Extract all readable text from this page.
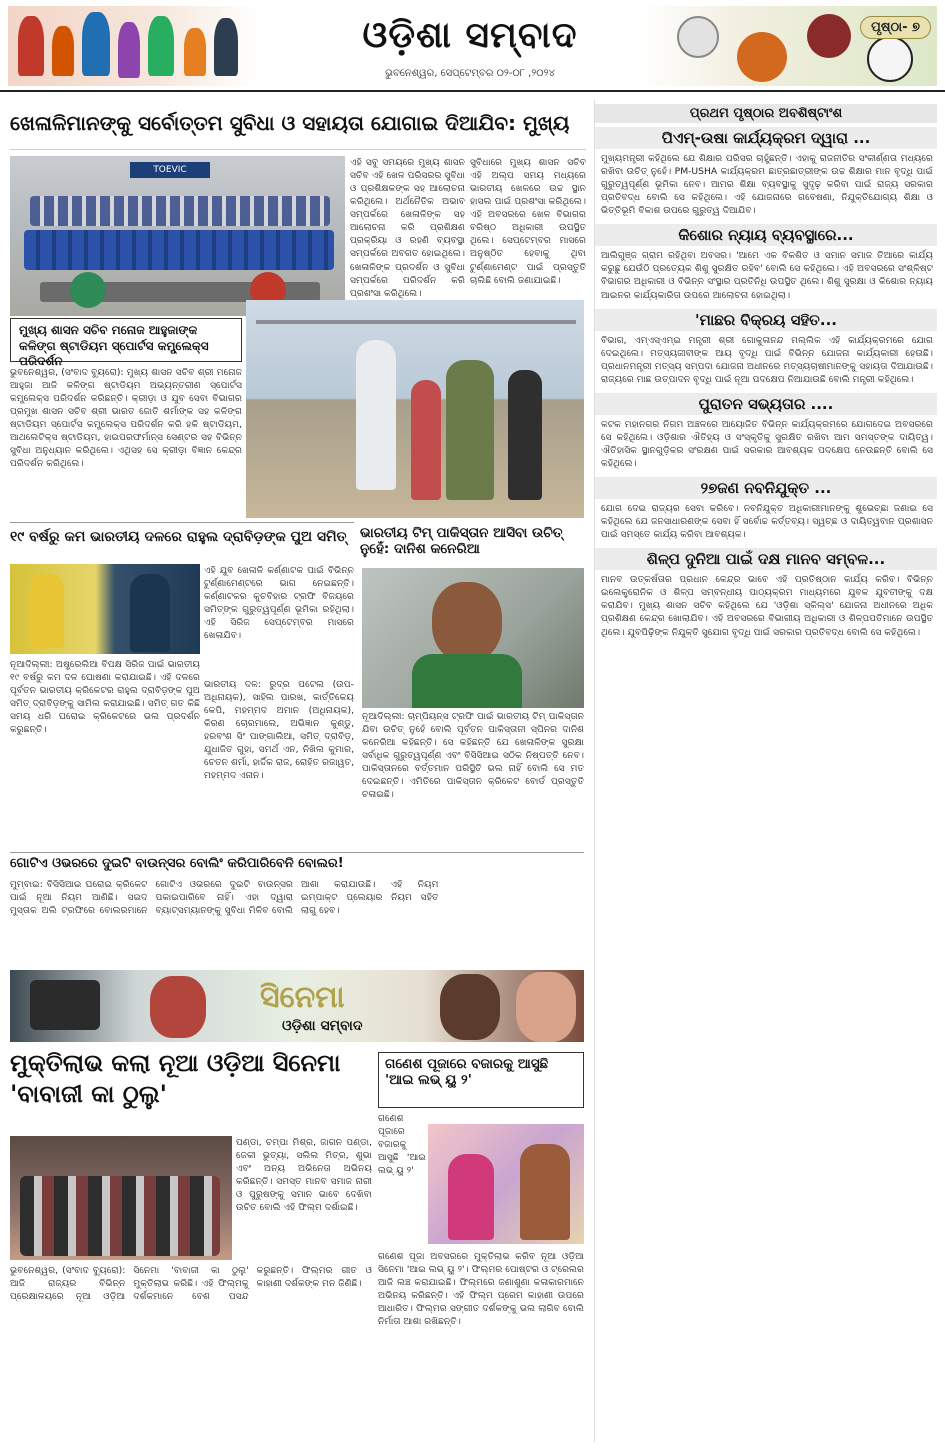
ଓଡ଼ିଶା ସମ୍ବାଦ
ଭୁବନେଶ୍ୱର, ସେପ୍ଟେମ୍ବର ୦୨-୦୮ ,୨୦୨୪
ପୃଷ୍ଠା- ୭
ଖେଳାଳିମାନଙ୍କୁ ସର୍ବୋତ୍ତମ ସୁବିଧା ଓ ସହାୟତା ଯୋଗାଇ ଦିଆଯିବ: ମୁଖ୍ୟ
TOEVIC
ଏହି ସବୁ ସମୟରେ ମୁଖ୍ୟ ଶାସନ ସଚିବ ଏହି ଖେଳ ପରିସରର ସୁବିଧା ଓ ପ୍ରଶିକ୍ଷକଙ୍କ ସହ ଆଲୋଚନା କରିଥିଲେ। ଅର୍ଥନୈତିକ ଅଭାବ ସମ୍ପର୍କରେ ଖେଳାଳିଙ୍କ ସହ ଆଲୋଚନା କରି ପ୍ରଶିକ୍ଷଣ ପ୍ରକ୍ରିୟା ଓ ରହଣି ବ୍ୟବସ୍ଥା ସମ୍ପର୍କରେ ଅବଗତ ହୋଇଥିଲେ। ଖେଳାଳିଙ୍କ ପ୍ରଦର୍ଶନ ଓ ସୁବିଧା ସମ୍ପର୍କରେ ପରିଦର୍ଶନ କରି ପ୍ରଶଂସା କରିଥିଲେ।
ସୁବିଧାରେ ମୁଖ୍ୟ ଶାସନ ସଚିବ ଏହି ଅଲ୍ପ ସମୟ ମଧ୍ୟରେ ଭାରତୀୟ ଖେଳରେ ଉଚ୍ଚ ସ୍ଥାନ ହାସଲ ପାଇଁ ପ୍ରଶଂସା କରିଥିଲେ। ଏହି ଅବସରରେ ଖେଳ ବିଭାଗର ବରିଷ୍ଠ ଅଧିକାରୀ ଉପସ୍ଥିତ ଥିଲେ। ସେପ୍ଟେମ୍ବର ମାସରେ ଅନୁଷ୍ଠିତ ହେବାକୁ ଥିବା ଟୁର୍ଣ୍ଣାମେଣ୍ଟ ପାଇଁ ପ୍ରସ୍ତୁତି ଚାଲିଛି ବୋଲି ଜଣାଯାଇଛି।
ମୁଖ୍ୟ ଶାସନ ସଚିବ ମନୋଜ ଆହୁଜାଙ୍କ କଳିଙ୍ଗ ଷ୍ଟାଡିୟମ ସ୍ପୋର୍ଟସ କମ୍ପ୍ଲେକ୍ସ ପରିଦର୍ଶନ
ଭୁବନେଶ୍ୱର, (ସଂବାଦ ବ୍ୟୁରୋ): ମୁଖ୍ୟ ଶାସନ ସଚିବ ଶ୍ରୀ ମନୋଜ ଆହୁଜା ଆଜି କଳିଙ୍ଗ ଷ୍ଟାଡିୟମ ଅଭ୍ୟନ୍ତରୀଣ ସ୍ପୋର୍ଟସ କମ୍ପ୍ଲେକ୍ସ ପରିଦର୍ଶନ କରିଛନ୍ତି। କ୍ରୀଡ଼ା ଓ ଯୁବ ସେବା ବିଭାଗର ପ୍ରମୁଖ ଶାସନ ସଚିବ ଶ୍ରୀ ଭାରତ ଜୋତି ଶର୍ମାଙ୍କ ସହ କଳିଙ୍ଗ ଷ୍ଟାଡିୟମ ସ୍ପୋର୍ଟସ କମ୍ପ୍ଲେକ୍ସ ପରିଦର୍ଶନ କରି ହକି ଷ୍ଟାଡିୟମ, ଆଥଲେଟିକ୍ସ ଷ୍ଟାଡିୟମ, ହାଇପରଫର୍ମାନ୍ସ ସେଣ୍ଟର ସହ ବିଭିନ୍ନ ସୁବିଧା ଅନୁଧ୍ୟାନ କରିଥିଲେ। ଏଥିସହ ସେ କ୍ରୀଡ଼ା ବିଜ୍ଞାନ କେନ୍ଦ୍ର ପରିଦର୍ଶନ କରିଥିଲେ।
୧୯ ବର୍ଷରୁ କମ ଭାରତୀୟ ଦଳରେ ରାହୁଲ ଦ୍ରାବିଡ଼ଙ୍କ ପୁଅ ସମିତ୍
ଏହି ଯୁବ ଖେଳାଳି କର୍ଣ୍ଣାଟକ ପାଇଁ ବିଭିନ୍ନ ଟୁର୍ଣ୍ଣାମେଣ୍ଟରେ ଭାଗ ନେଇଛନ୍ତି। କର୍ଣ୍ଣାଟକର କୁଚବିହାର ଟ୍ରଫି ବିଜୟରେ ସମିତ୍‌ଙ୍କ ଗୁରୁତ୍ୱପୂର୍ଣ୍ଣ ଭୂମିକା ରହିଥିଲା। ଏହି ସିରିଜ ସେପ୍ଟେମ୍ବର ମାସରେ ଖେଳାଯିବ।
ନୂଆଦିଲ୍ଲୀ: ଅଷ୍ଟ୍ରେଲିଆ ବିପକ୍ଷ ସିରିଜ ପାଇଁ ଭାରତୀୟ ୧୯ ବର୍ଷରୁ କମ ଦଳ ଘୋଷଣା କରାଯାଇଛି। ଏହି ଦଳରେ ପୂର୍ବତନ ଭାରତୀୟ କ୍ରିକେଟର ରାହୁଲ ଦ୍ରାବିଡ଼ଙ୍କ ପୁଅ ସମିତ୍ ଦ୍ରାବିଡ଼ଙ୍କୁ ସାମିଲ କରାଯାଇଛି। ସମିତ୍ ଗତ କିଛି ସମୟ ଧରି ଘରୋଇ କ୍ରିକେଟରେ ଭଲ ପ୍ରଦର୍ଶନ କରୁଛନ୍ତି।
ଭାରତୀୟ ଦଳ: ରୁଦ୍ର ପଟେଲ (ଉପ-ଅଧିନାୟକ), ସାହିଲ ପାରଖ, କାର୍ତ୍ତିକେୟ କେପି, ମହମ୍ମଦ ଅମାନ (ଅଧିନାୟକ), କିରଣ ଚୋରମାଲେ, ଅଭିଜ୍ଞାନ କୁଣ୍ଡୁ, ହରବଂଶ ସିଂ ପାଙ୍ଗାଲିଆ, ସମିତ୍ ଦ୍ରାବିଡ଼, ଯୁଧାଜିତ ଗୁହା, ସମର୍ଥ ଏନ, ନିଖିଲ କୁମାର, ଚେତନ ଶର୍ମା, ହାର୍ଦ୍ଦିକ ରାଜ, ରୋହିତ ରଜାୱତ, ମହମ୍ମଦ ଏନାନ।
ଭାରତୀୟ ଟିମ୍ ପାକିସ୍ତାନ ଆସିବା ଉଚିତ୍ ନୁହେଁ: ଦାନିଶ କନେରିଆ
ନୂଆଦିଲ୍ଲୀ: ଚାମ୍ପିୟନ୍ସ ଟ୍ରଫି ପାଇଁ ଭାରତୀୟ ଟିମ୍ ପାକିସ୍ତାନ ଯିବା ଉଚିତ୍ ନୁହେଁ ବୋଲି ପୂର୍ବତନ ପାକିସ୍ତାନୀ ସ୍ପିନର ଦାନିଶ କନେରିଆ କହିଛନ୍ତି। ସେ କହିଛନ୍ତି ଯେ ଖେଳାଳିଙ୍କ ସୁରକ୍ଷା ସର୍ବାଧିକ ଗୁରୁତ୍ୱପୂର୍ଣ୍ଣ ଏବଂ ବିସିସିଆଇ ସଠିକ ନିଷ୍ପତ୍ତି ନେବ। ପାକିସ୍ତାନରେ ବର୍ତ୍ତମାନ ପରିସ୍ଥିତି ଭଲ ନାହିଁ ବୋଲି ସେ ମତ ଦେଇଛନ୍ତି। ଏମିତିରେ ପାକିସ୍ତାନ କ୍ରିକେଟ ବୋର୍ଡ ପ୍ରସ୍ତୁତି ଚଳାଇଛି।
ଗୋଟିଏ ଓଭରରେ ଦୁଇଟି ବାଉନ୍ସର ବୋଲିଂ କରିପାରିବେନି ବୋଲର!
ମୁମ୍ବାଇ: ବିସିସିଆଇ ଘରୋଇ କ୍ରିକେଟ ପାଇଁ ନୂଆ ନିୟମ ଆଣିଛି। ସଇଦ ମୁସ୍ତାକ ଅଲି ଟ୍ରଫିରେ ବୋଲରମାନେ ଗୋଟିଏ ଓଭରରେ ଦୁଇଟି ବାଉନ୍ସର ପକାଇପାରିବେ ନାହିଁ। ଏହା ଦ୍ୱାରା ବ୍ୟାଟ୍ସମ୍ୟାନଙ୍କୁ ସୁବିଧା ମିଳିବ ବୋଲି ଆଶା କରାଯାଉଛି। ଏହି ନିୟମ ଇମ୍ପାକ୍ଟ ପ୍ଲେୟାର ନିୟମ ସହିତ ଲାଗୁ ହେବ।
ସିନେମା
ଓଡ଼ିଶା ସମ୍ବାଦ
ମୁକ୍ତିଲାଭ କଲା ନୂଆ ଓଡ଼ିଆ ସିନେମା 'ବାବାଜୀ କା ଠୁଲୁ'
ପଣ୍ଡା, ଚମ୍ପା ମିଶ୍ର, ଜାଗନ ପଣ୍ଡା, ଜେକୀ ଭୁତ୍ୟା, ସଲିଲ ମିତ୍ର, ଶୁଭା ଏବଂ ଅନ୍ୟ ଅଭିନେତା ଅଭିନୟ କରିଛନ୍ତି। ସମସ୍ତ ମାନବ ସମାଜ ନାରୀ ଓ ପୁରୁଷଙ୍କୁ ସମାନ ଭାବେ ଦେଖିବା ଉଚିତ ବୋଲି ଏହି ଫିଲ୍ମ ଦର୍ଶାଇଛି।
ଭୁବନେଶ୍ୱର, (ସଂବାଦ ବ୍ୟୁରୋ): ଆଜି ରାଜ୍ୟର ବିଭିନ୍ନ ପ୍ରେକ୍ଷାଳୟରେ ନୂଆ ଓଡ଼ିଆ ସିନେମା 'ବାବାଜୀ କା ଠୁଲୁ' ମୁକ୍ତିଲାଭ କରିଛି। ଏହି ଫିଲ୍ମକୁ ଦର୍ଶକମାନେ ବେଶ ପସନ୍ଦ କରୁଛନ୍ତି। ଫିଲ୍ମର ଗୀତ ଓ କାହାଣୀ ଦର୍ଶକଙ୍କ ମନ ଜିଣିଛି।
ଗଣେଶ ପୂଜାରେ ବଜାରକୁ ଆସୁଛି 'ଆଇ ଲଭ୍ ୟୁ ୨'
ଗଣେଶ ପୂଜାରେ ବଜାରକୁ ଆସୁଛି 'ଆଇ ଲଭ୍ ୟୁ ୨'
ଗଣେଶ ପୂଜା ଅବସରରେ ମୁକ୍ତିଲାଭ କରିବ ନୂଆ ଓଡ଼ିଆ ସିନେମା 'ଆଇ ଲଭ୍ ୟୁ ୨'। ଫିଲ୍ମର ପୋଷ୍ଟର ଓ ଟ୍ରେଲର ଆଜି ଲଞ୍ଚ କରାଯାଇଛି। ଫିଲ୍ମରେ ଜଣାଶୁଣା କଳାକାରମାନେ ଅଭିନୟ କରିଛନ୍ତି। ଏହି ଫିଲ୍ମ ପ୍ରେମ କାହାଣୀ ଉପରେ ଆଧାରିତ। ଫିଲ୍ମର ସଙ୍ଗୀତ ଦର୍ଶକଙ୍କୁ ଭଲ ଲାଗିବ ବୋଲି ନିର୍ମାତା ଆଶା ରଖିଛନ୍ତି।
ପ୍ରଥମ ପୃଷ୍ଠାର ଅବଶିଷ୍ଟାଂଶ
ପିଏମ୍-ଉଷା କାର୍ଯ୍ୟକ୍ରମ ଦ୍ୱାରା ...
ମୁଖ୍ୟମନ୍ତ୍ରୀ କହିଥିଲେ ଯେ ଶିକ୍ଷାର ପରିସର ଚାହୁଁଛନ୍ତି। ଏହାକୁ ରାଜନୀତିର ସଂକୀର୍ଣ୍ଣତା ମଧ୍ୟରେ ରଖିବା ଉଚିତ୍ ନୁହେଁ। PM-USHA କାର୍ଯ୍ୟକ୍ରମ ଛାତ୍ରଛାତ୍ରୀଙ୍କ ଉଚ୍ଚ ଶିକ୍ଷାର ମାନ ବୃଦ୍ଧି ପାଇଁ ଗୁରୁତ୍ୱପୂର୍ଣ୍ଣ ଭୂମିକା ନେବ। ଆମର ଶିକ୍ଷା ବ୍ୟବସ୍ଥାକୁ ସୁଦୃଢ଼ କରିବା ପାଇଁ ରାଜ୍ୟ ସରକାର ପ୍ରତିବଦ୍ଧ ବୋଲି ସେ କହିଥିଲେ। ଏହି ଯୋଜନାରେ ଗବେଷଣା, ନିଯୁକ୍ତିଯୋଗ୍ୟ ଶିକ୍ଷା ଓ ଭିତ୍ତିଭୂମି ବିକାଶ ଉପରେ ଗୁରୁତ୍ୱ ଦିଆଯିବ।
କିଶୋର ନ୍ୟାୟ ବ୍ୟବସ୍ଥାରେ...
ଆଲିଗୁଞ୍ଜ ଗ୍ରାମ ରହିଥିବା ଅବସର। 'ଆମେ ଏକ ବିକଶିତ ଓ ସମାନ ସମାଜ ତିଆରେ କାର୍ଯ୍ୟ କରୁଛୁ ଯେଉଁଠି ପ୍ରତ୍ୟେକ ଶିଶୁ ସୁରକ୍ଷିତ ରହିବ' ବୋଲି ସେ କହିଥିଲେ। ଏହି ଅବସରରେ ସଂଶ୍ଳିଷ୍ଟ ବିଭାଗର ଅଧିକାରୀ ଓ ବିଭିନ୍ନ ସଂସ୍ଥାର ପ୍ରତିନିଧି ଉପସ୍ଥିତ ଥିଲେ। ଶିଶୁ ସୁରକ୍ଷା ଓ କିଶୋର ନ୍ୟାୟ ଆଇନର କାର୍ଯ୍ୟକାରିତା ଉପରେ ଆଲୋଚନା ହୋଇଥିଲା।
'ମାଛର ବିକ୍ରୟ ସହିତ...
ବିଭାଗ, ଏମ୍‌ଏସ୍‌ଏମ୍‌ଇ ମନ୍ତ୍ରୀ ଶ୍ରୀ ଗୋକୁଳାନନ୍ଦ ମଲ୍ଲିକ ଏହି କାର୍ଯ୍ୟକ୍ରମରେ ଯୋଗ ଦେଇଥିଲେ। ମତ୍ସ୍ୟଜୀବୀଙ୍କ ଆୟ ବୃଦ୍ଧି ପାଇଁ ବିଭିନ୍ନ ଯୋଜନା କାର୍ଯ୍ୟକାରୀ ହେଉଛି। ପ୍ରଧାନମନ୍ତ୍ରୀ ମତ୍ସ୍ୟ ସମ୍ପଦା ଯୋଜନା ଅଧୀନରେ ମତ୍ସ୍ୟଚାଷୀମାନଙ୍କୁ ସହାୟତା ଦିଆଯାଉଛି। ରାଜ୍ୟରେ ମାଛ ଉତ୍ପାଦନ ବୃଦ୍ଧି ପାଇଁ ନୂଆ ପଦକ୍ଷେପ ନିଆଯାଉଛି ବୋଲି ମନ୍ତ୍ରୀ କହିଥିଲେ।
ପୁରାତନ ସଭ୍ୟତାର ....
କଟକ ମହାନଗର ନିଗମ ଅଞ୍ଚଳରେ ଆୟୋଜିତ ବିଭିନ୍ନ କାର୍ଯ୍ୟକ୍ରମରେ ଯୋଗଦେଇ ଅବସରରେ ସେ କହିଥିଲେ। ଓଡ଼ିଶାର ଐତିହ୍ୟ ଓ ସଂସ୍କୃତିକୁ ସୁରକ୍ଷିତ ରଖିବା ଆମ ସମସ୍ତଙ୍କ ଦାୟିତ୍ୱ। ଐତିହାସିକ ସ୍ଥାନଗୁଡ଼ିକର ସଂରକ୍ଷଣ ପାଇଁ ସରକାର ଆବଶ୍ୟକ ପଦକ୍ଷେପ ନେଉଛନ୍ତି ବୋଲି ସେ କହିଥିଲେ।
୨୭ଜଣ ନବନିଯୁକ୍ତ ...
ଯୋଗ ଦେଇ ରାଜ୍ୟର ସେବା କରିବେ। ନବନିଯୁକ୍ତ ଅଧିକାରୀମାନଙ୍କୁ ଶୁଭେଚ୍ଛା ଜଣାଇ ସେ କହିଥିଲେ ଯେ ଜନସାଧାରଣଙ୍କ ସେବା ହିଁ ସର୍ବୋଚ୍ଚ କର୍ତ୍ତବ୍ୟ। ସ୍ୱଚ୍ଛ ଓ ଦାୟିତ୍ୱବାନ ପ୍ରଶାସନ ପାଇଁ ସମସ୍ତେ କାର୍ଯ୍ୟ କରିବା ଆବଶ୍ୟକ।
ଶିଳ୍ପ ଦୁନିଆ ପାଇଁ ଦକ୍ଷ ମାନବ ସମ୍ବଳ...
ମାନବ ଉତ୍କର୍ଷତାର ପ୍ରଧାନ କେନ୍ଦ୍ର ଭାବେ ଏହି ପ୍ରତିଷ୍ଠାନ କାର୍ଯ୍ୟ କରିବ। ବିଭିନ୍ନ ଇଲେକ୍ଟ୍ରୋନିକ ଓ ଶିଳ୍ପ ସମ୍ବନ୍ଧୀୟ ପାଠ୍ୟକ୍ରମ ମାଧ୍ୟମରେ ଯୁବକ ଯୁବତୀଙ୍କୁ ଦକ୍ଷ କରାଯିବ। ମୁଖ୍ୟ ଶାସନ ସଚିବ କହିଥିଲେ ଯେ 'ଓଡ଼ିଶା ସ୍କିଲ୍‌ସ' ଯୋଜନା ଅଧୀନରେ ଅଧିକ ପ୍ରଶିକ୍ଷଣ କେନ୍ଦ୍ର ଖୋଲାଯିବ। ଏହି ଅବସରରେ ବିଭାଗୀୟ ଅଧିକାରୀ ଓ ଶିଳ୍ପପତିମାନେ ଉପସ୍ଥିତ ଥିଲେ। ଯୁବପିଢ଼ିଙ୍କ ନିଯୁକ୍ତି ସୁଯୋଗ ବୃଦ୍ଧି ପାଇଁ ସରକାର ପ୍ରତିବଦ୍ଧ ବୋଲି ସେ କହିଥିଲେ।
